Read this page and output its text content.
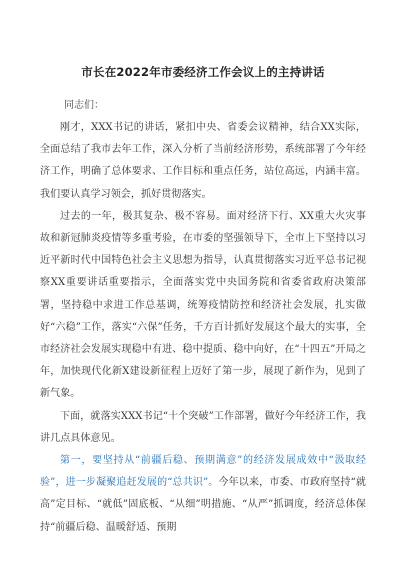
市长在2022年市委经济工作会议上的主持讲话
同志们：

刚才，XXX书记的讲话，紧扣中央、省委会议精神，结合XX实际，全面总结了我市去年工作，深入分析了当前经济形势，系统部署了今年经济工作，明确了总体要求、工作目标和重点任务，站位高远，内涵丰富。我们要认真学习领会，抓好贯彻落实。

过去的一年，极其复杂、极不容易。面对经济下行、XX重大火灾事故和新冠肺炎疫情等多重考验，在市委的坚强领导下，全市上下坚持以习近平新时代中国特色社会主义思想为指导，认真贯彻落实习近平总书记视察XX重要讲话重要指示，全面落实党中央国务院和省委省政府决策部署，坚持稳中求进工作总基调，统筹疫情防控和经济社会发展，扎实做好“六稳”工作，落实“六保”任务，千方百计抓好发展这个最大的实事，全市经济社会发展实现稳中有进、稳中提质、稳中向好，在“十四五”开局之年，加快现代化新X建设新征程上迈好了第一步，展现了新作为，见到了新气象。

下面，就落实XXX书记“十个突破”工作部署，做好今年经济工作，我讲几点具体意见。

第一，要坚持从“前疆后稳、预期满意”的经济发展成效中“汲取经验”，进一步凝聚追赶发展的“总共识”。今年以来，市委、市政府坚持“就高”定目标、“就低”固底板、“从细”明措施、“从严”抓调度，经济总体保持“前疆后稳、温暖舒适、预期
